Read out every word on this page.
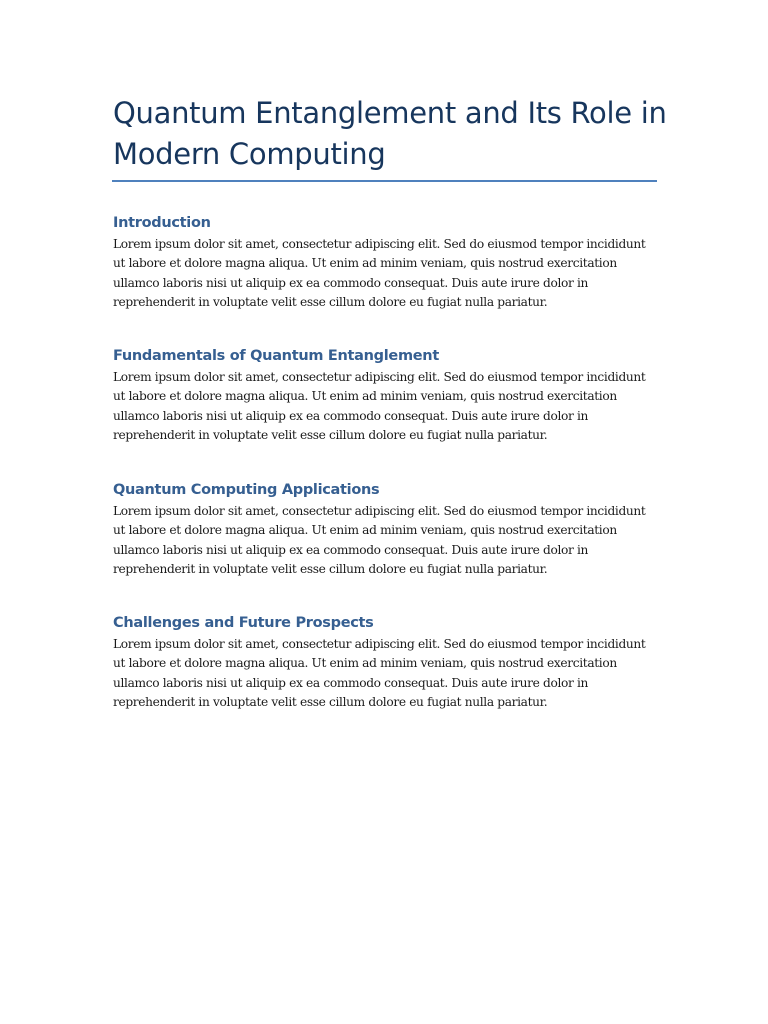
Quantum Entanglement and Its Role in Modern Computing
Introduction

Lorem ipsum dolor sit amet, consectetur adipiscing elit. Sed do eiusmod tempor incididunt
ut labore et dolore magna aliqua. Ut enim ad minim veniam, quis nostrud exercitation
ullamco laboris nisi ut aliquip ex ea commodo consequat. Duis aute irure dolor in
reprehenderit in voluptate velit esse cillum dolore eu fugiat nulla pariatur.

Fundamentals of Quantum Entanglement

Lorem ipsum dolor sit amet, consectetur adipiscing elit. Sed do eiusmod tempor incididunt
ut labore et dolore magna aliqua. Ut enim ad minim veniam, quis nostrud exercitation
ullamco laboris nisi ut aliquip ex ea commodo consequat. Duis aute irure dolor in
reprehenderit in voluptate velit esse cillum dolore eu fugiat nulla pariatur.

Quantum Computing Applications

Lorem ipsum dolor sit amet, consectetur adipiscing elit. Sed do eiusmod tempor incididunt
ut labore et dolore magna aliqua. Ut enim ad minim veniam, quis nostrud exercitation
ullamco laboris nisi ut aliquip ex ea commodo consequat. Duis aute irure dolor in
reprehenderit in voluptate velit esse cillum dolore eu fugiat nulla pariatur.

Challenges and Future Prospects

Lorem ipsum dolor sit amet, consectetur adipiscing elit. Sed do eiusmod tempor incididunt
ut labore et dolore magna aliqua. Ut enim ad minim veniam, quis nostrud exercitation
ullamco laboris nisi ut aliquip ex ea commodo consequat. Duis aute irure dolor in
reprehenderit in voluptate velit esse cillum dolore eu fugiat nulla pariatur.
